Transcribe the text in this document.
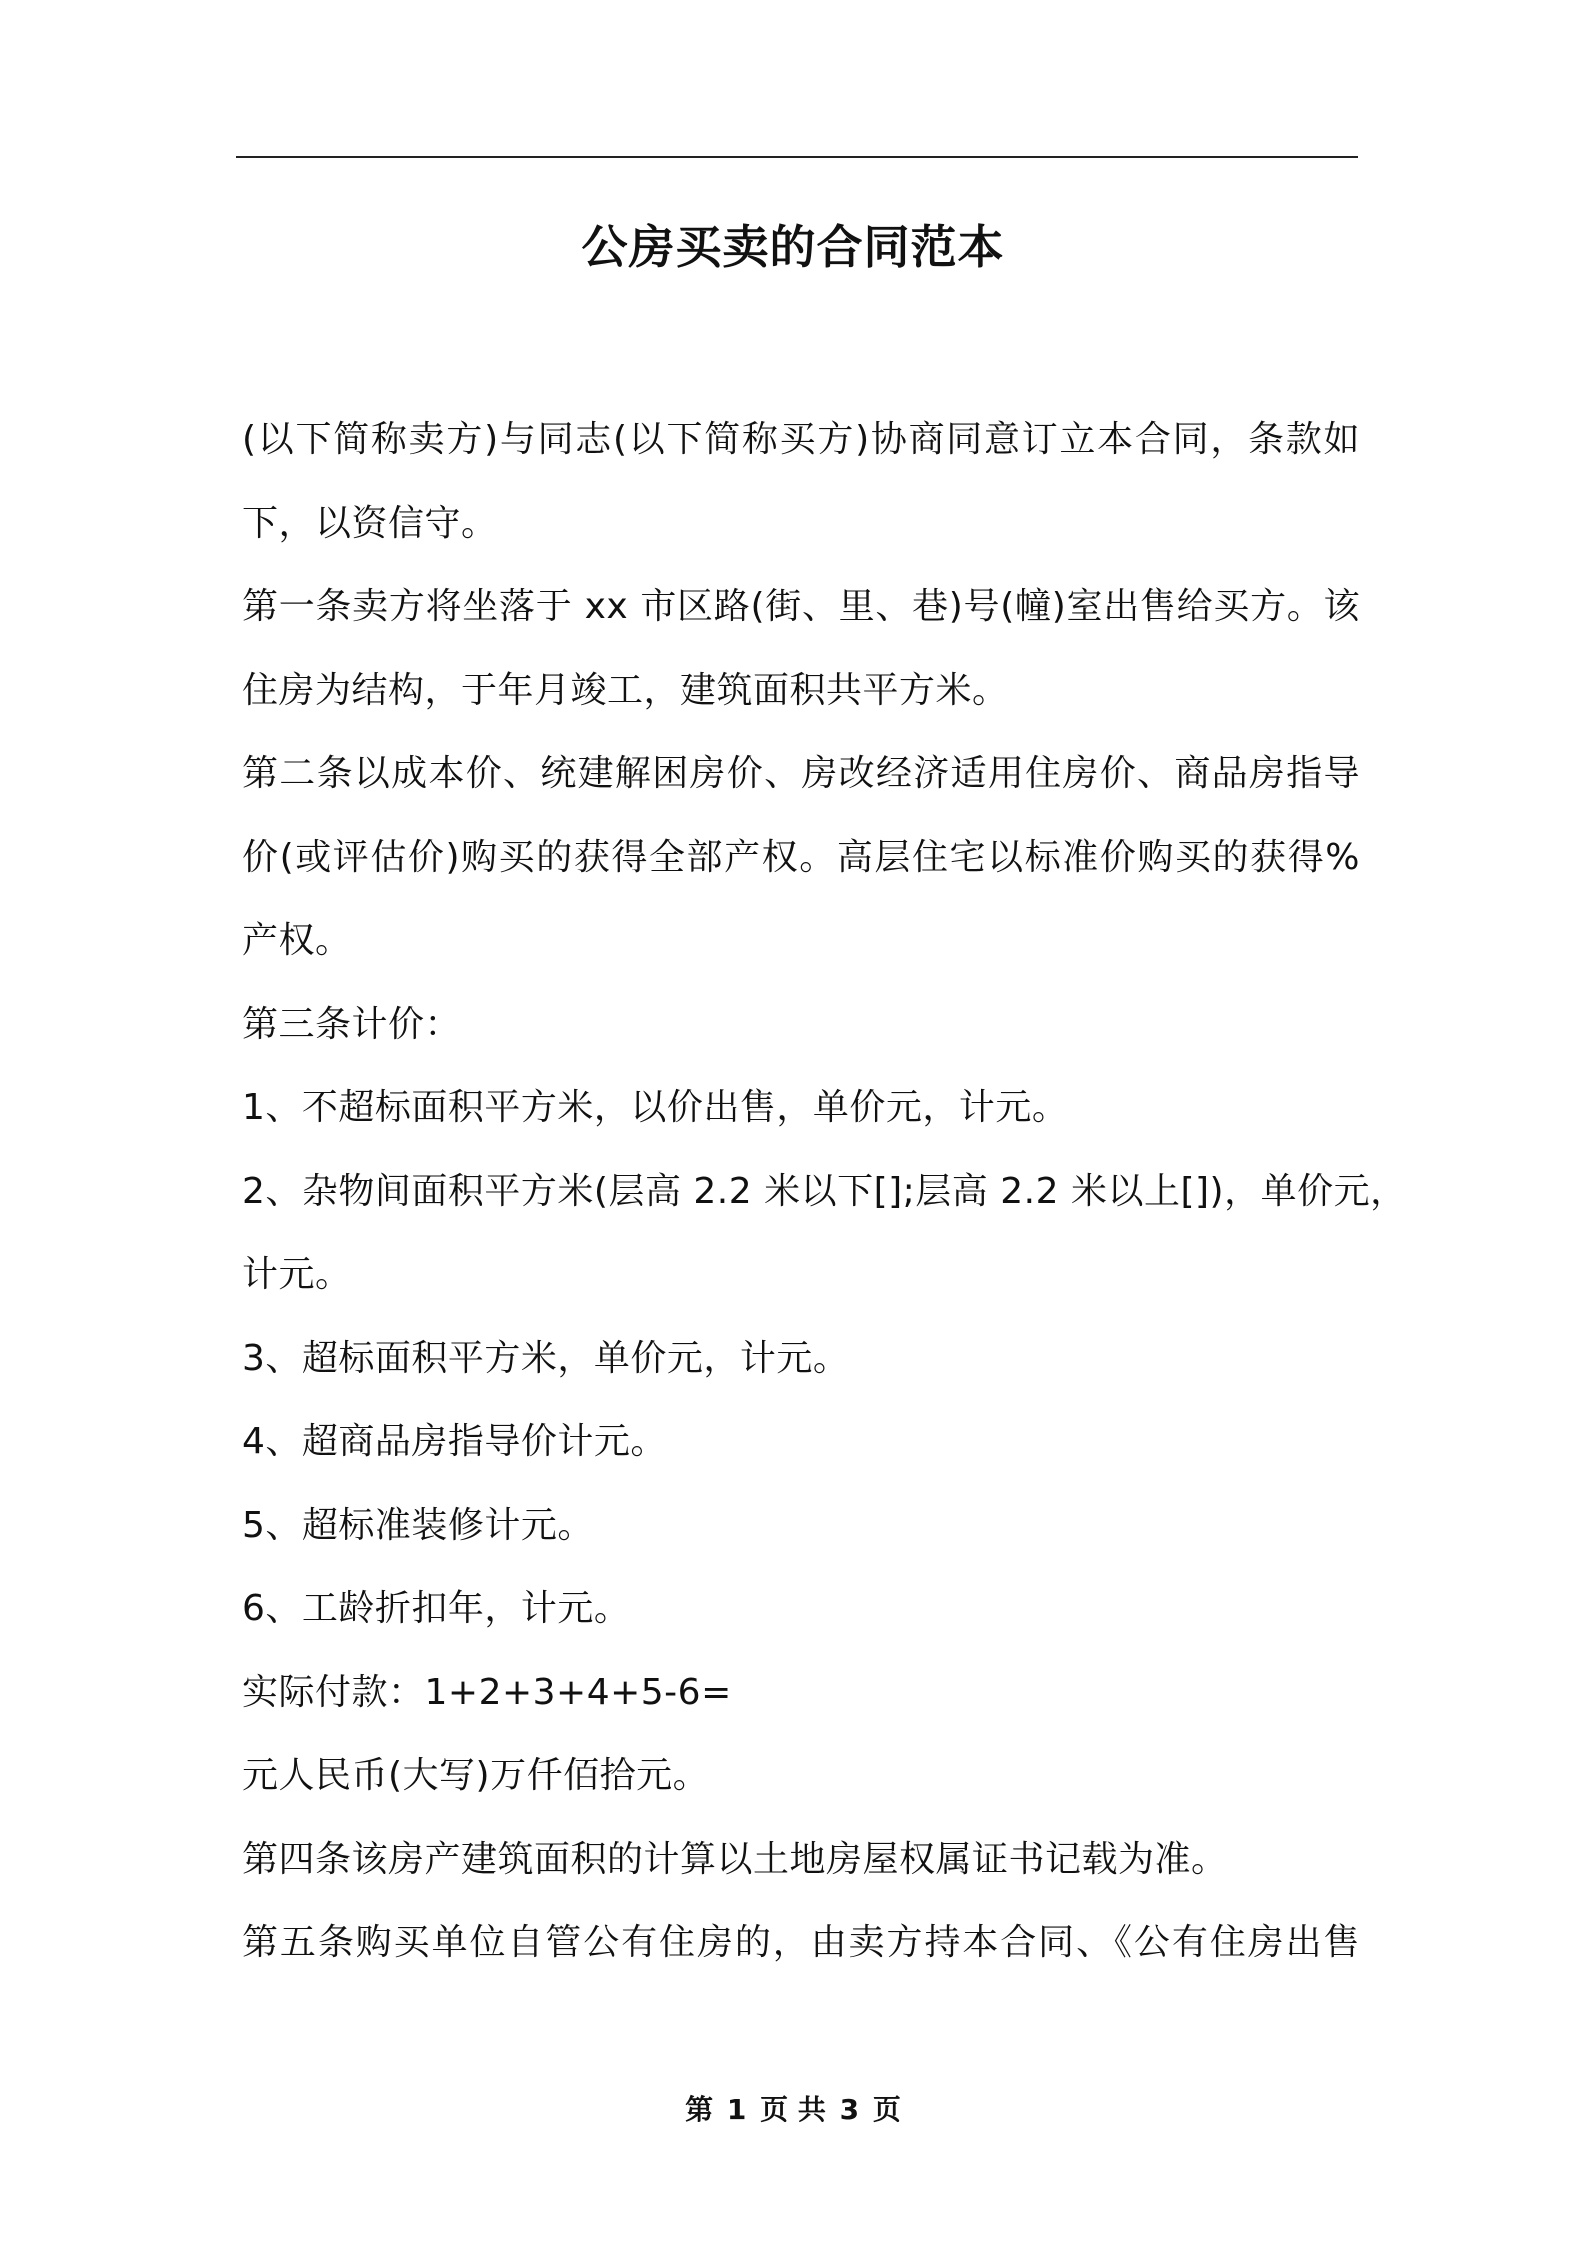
公房买卖的合同范本
(以下简称卖方)与同志(以下简称买方)协商同意订立本合同，条款如
下，以资信守。
第一条卖方将坐落于 xx 市区路(街、里、巷)号(幢)室出售给买方。该
住房为结构，于年月竣工，建筑面积共平方米。
第二条以成本价、统建解困房价、房改经济适用住房价、商品房指导
价(或评估价)购买的获得全部产权。高层住宅以标准价购买的获得%
产权。
第三条计价：
1、不超标面积平方米，以价出售，单价元，计元。
2、杂物间面积平方米(层高 2.2 米以下[];层高 2.2 米以上[])，单价元，
计元。
3、超标面积平方米，单价元，计元。
4、超商品房指导价计元。
5、超标准装修计元。
6、工龄折扣年，计元。
实际付款：1+2+3+4+5-6=
元人民币(大写)万仟佰拾元。
第四条该房产建筑面积的计算以土地房屋权属证书记载为准。
第五条购买单位自管公有住房的，由卖方持本合同、《公有住房出售
第 1 页 共 3 页
